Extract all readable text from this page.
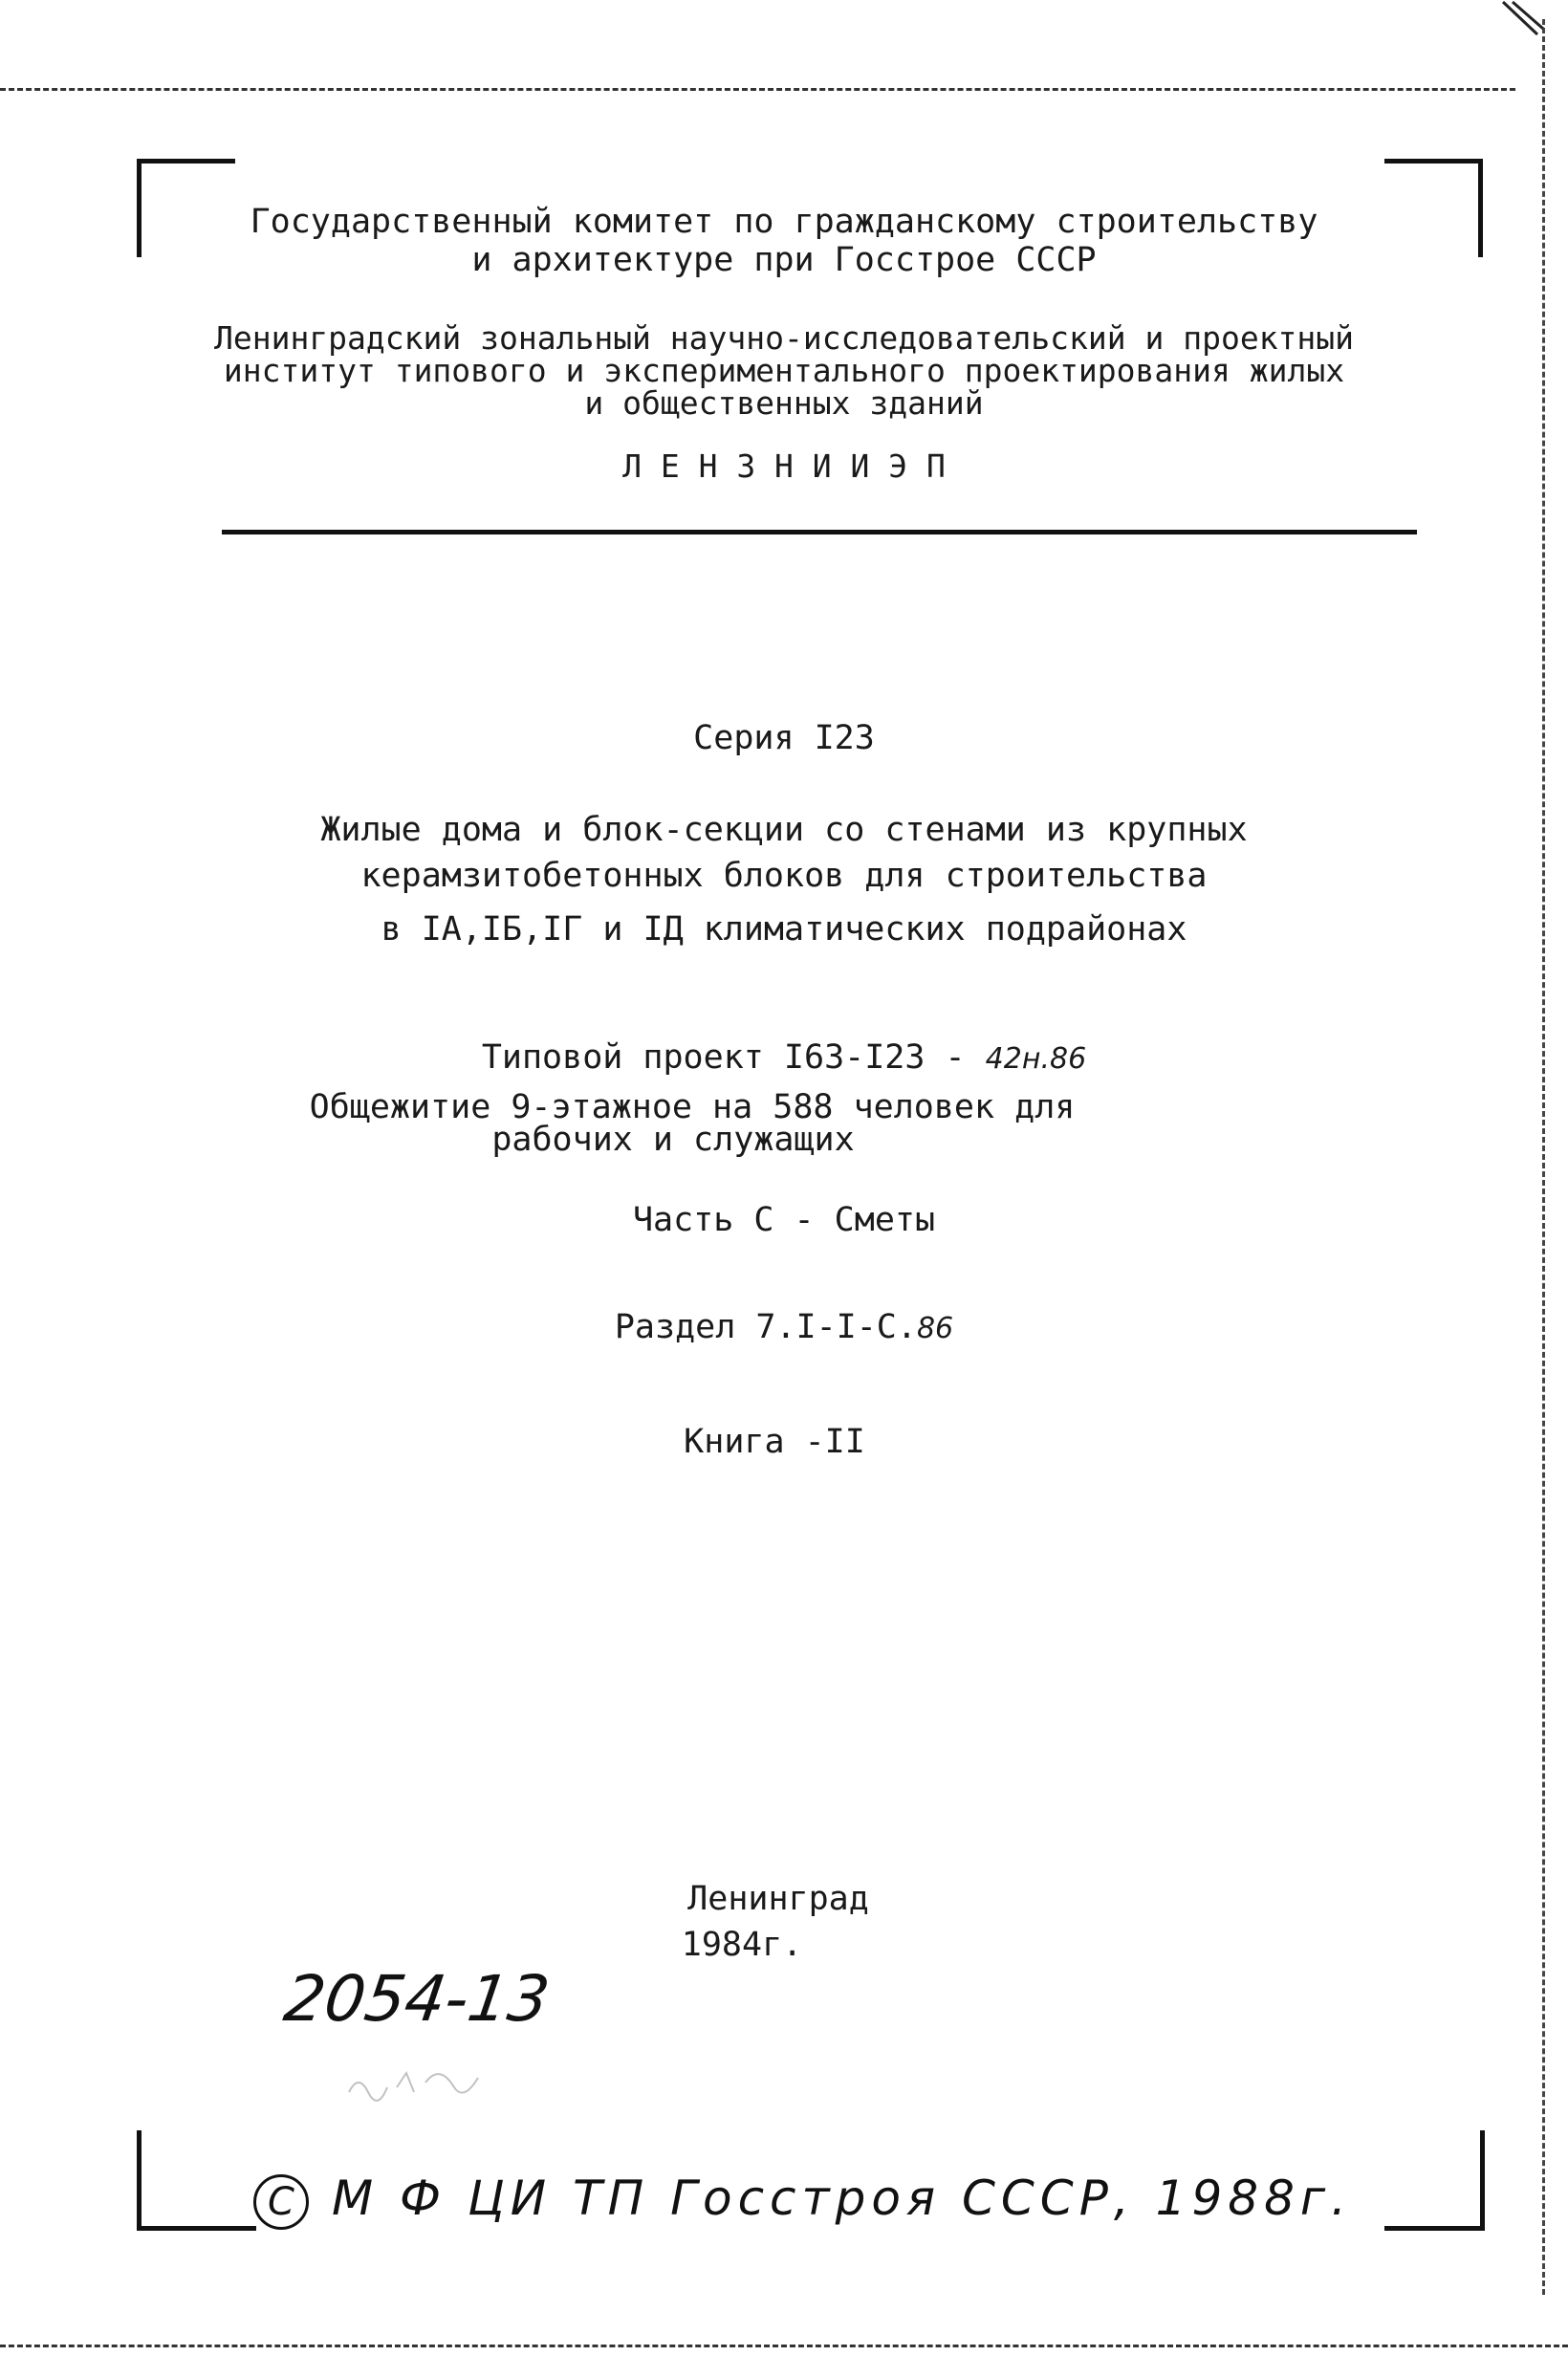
Государственный комитет по гражданскому строительству
и архитектуре при Госстрое СССР
Ленинградский зональный научно-исследовательский и проектный
институт типового и экспериментального проектирования жилых
и общественных зданий
Л Е Н З Н И И Э П
Серия I23
Жилые дома и блок-секции со стенами из крупных
керамзитобетонных блоков для строительства
в IA,IБ,IГ и IД климатических подрайонах
Типовой проект I63-I23 - 42н.86
Общежитие 9-этажное на 588 человек для
рабочих и служащих
Часть С - Сметы
Раздел 7.I-I-С.86
Книга -II
Ленинград
1984г.
2054-13
C М Ф ЦИ ТП Госстроя СССР, 1988г.
